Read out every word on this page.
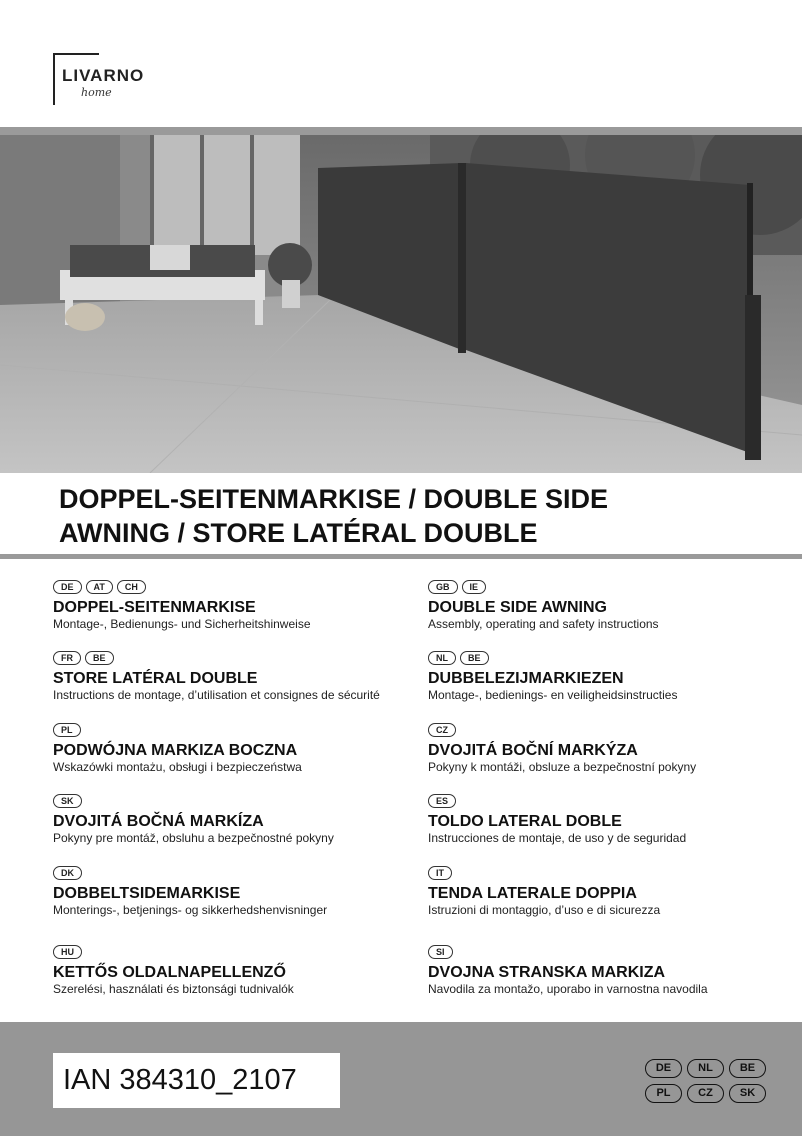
LIVARNO
home
DOPPEL-SEITENMARKISE / DOUBLE SIDE
AWNING / STORE LATÉRAL DOUBLE
DE	AT	CH
DOPPEL-SEITENMARKISE
Montage-, Bedienungs- und Sicherheitshinweise
GB	IE
DOUBLE SIDE AWNING
Assembly, operating and safety instructions
FR	BE
STORE LATÉRAL DOUBLE
Instructions de montage, d’utilisation et consignes de sécurité
NL	BE
DUBBELEZIJMARKIEZEN
Montage-, bedienings- en veiligheidsinstructies
PL
PODWÓJNA MARKIZA BOCZNA
Wskazówki montażu, obsługi i bezpieczeństwa
CZ
DVOJITÁ BOČNÍ MARKÝZA
Pokyny k montáži, obsluze a bezpečnostní pokyny
SK
DVOJITÁ BOČNÁ MARKÍZA
Pokyny pre montáž, obsluhu a bezpečnostné pokyny
ES
TOLDO LATERAL DOBLE
Instrucciones de montaje, de uso y de seguridad
DK
DOBBELTSIDEMARKISE
Monterings-, betjenings- og sikkerhedshenvisninger
IT
TENDA LATERALE DOPPIA
Istruzioni di montaggio, d’uso e di sicurezza
HU
KETTŐS OLDALNAPELLENZŐ
Szerelési, használati és biztonsági tudnivalók
SI
DVOJNA STRANSKA MARKIZA
Navodila za montažo, uporabo in varnostna navodila
IAN 384310_2107	DE	NL	BE
PL	CZ	SK
